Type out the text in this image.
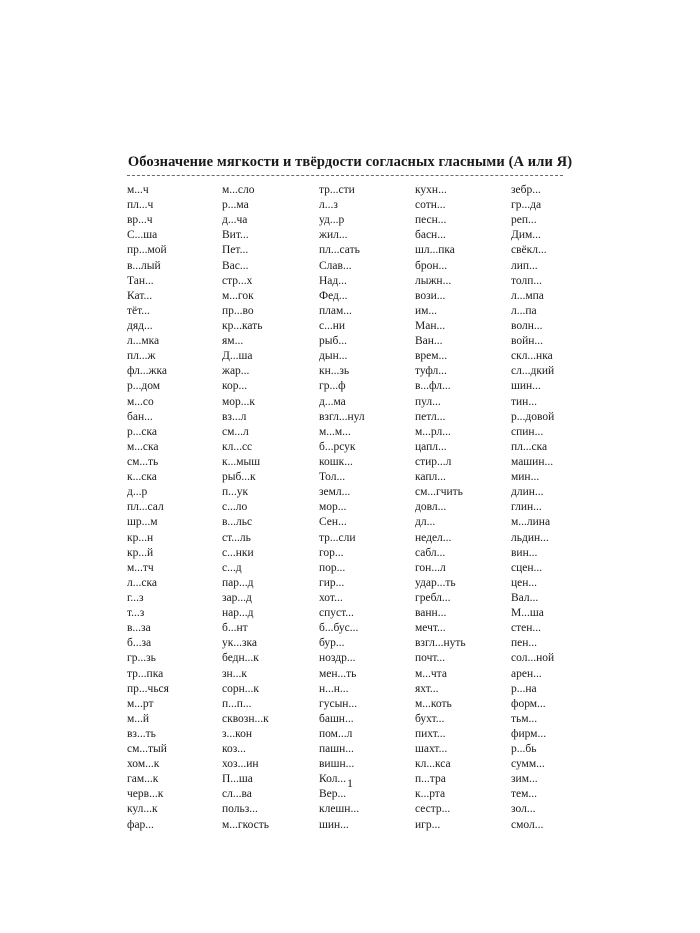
Обозначение мягкости и твёрдости согласных гласными (А или Я)
м...ч
пл...ч
вр...ч
С...ша
пр...мой
в...лый
Тан...
Кат...
тёт...
дяд...
л...мка
пл...ж
фл...жка
р...дом
м...со
бан...
р...ска
м...ска
см...ть
к...ска
д...р
пл...сал
шр...м
кр...н
кр...й
м...тч
л...ска
г...з
т...з
в...за
б...за
гр...зь
тр...пка
пр...чься
м...рт
м...й
вз...ть
см...тый
хом...к
гам...к
черв...к
кул...к
фар...
м...сло
р...ма
д...ча
Вит...
Пет...
Вас...
стр...х
м...гок
пр...во
кр...кать
ям...
Д...ша
жар...
кор...
мор...к
вз...л
см...л
кл...сс
к...мыш
рыб...к
п...ук
с...ло
в...льс
ст...ль
с...нки
с...д
пар...д
зар...д
нар...д
б...нт
ук...зка
бедн...к
зн...к
сорн...к
п...п...
сквозн...к
з...кон
коз...
хоз...ин
П...ша
сл...ва
польз...
м...гкость
тр...сти
л...з
уд...р
жил...
пл...сать
Слав...
Над...
Фед...
плам...
с...ни
рыб...
дын...
кн...зь
гр...ф
д...ма
взгл...нул
м...м...
б...рсук
кошк...
Тол...
земл...
мор...
Сен...
тр...сли
гор...
пор...
гир...
хот...
спуст...
б...бус...
бур...
ноздр...
мен...ть
н...н...
гусын...
башн...
пом...л
пашн...
вишн...
Кол...
Вер...
клешн...
шин...
кухн...
сотн...
песн...
басн...
шл...пка
брон...
лыжн...
вози...
им...
Ман...
Ван...
врем...
туфл...
в...фл...
пул...
петл...
м...рл...
цапл...
стир...л
капл...
см...гчить
довл...
дл...
недел...
сабл...
гон...л
удар...ть
гребл...
ванн...
мечт...
взгл...нуть
почт...
м...чта
яхт...
м...коть
бухт...
пихт...
шахт...
кл...кса
п...тра
к...рта
сестр...
игр...
зебр...
гр...да
реп...
Дим...
свёкл...
лип...
толп...
л...мпа
л...па
волн...
войн...
скл...нка
сл...дкий
шин...
тин...
р...довой
спин...
пл...ска
машин...
мин...
длин...
глин...
м...лина
льдин...
вин...
сцен...
цен...
Вал...
М...ша
стен...
пен...
сол...ной
арен...
р...на
форм...
тьм...
фирм...
р...бь
сумм...
зим...
тем...
зол...
смол...
1
